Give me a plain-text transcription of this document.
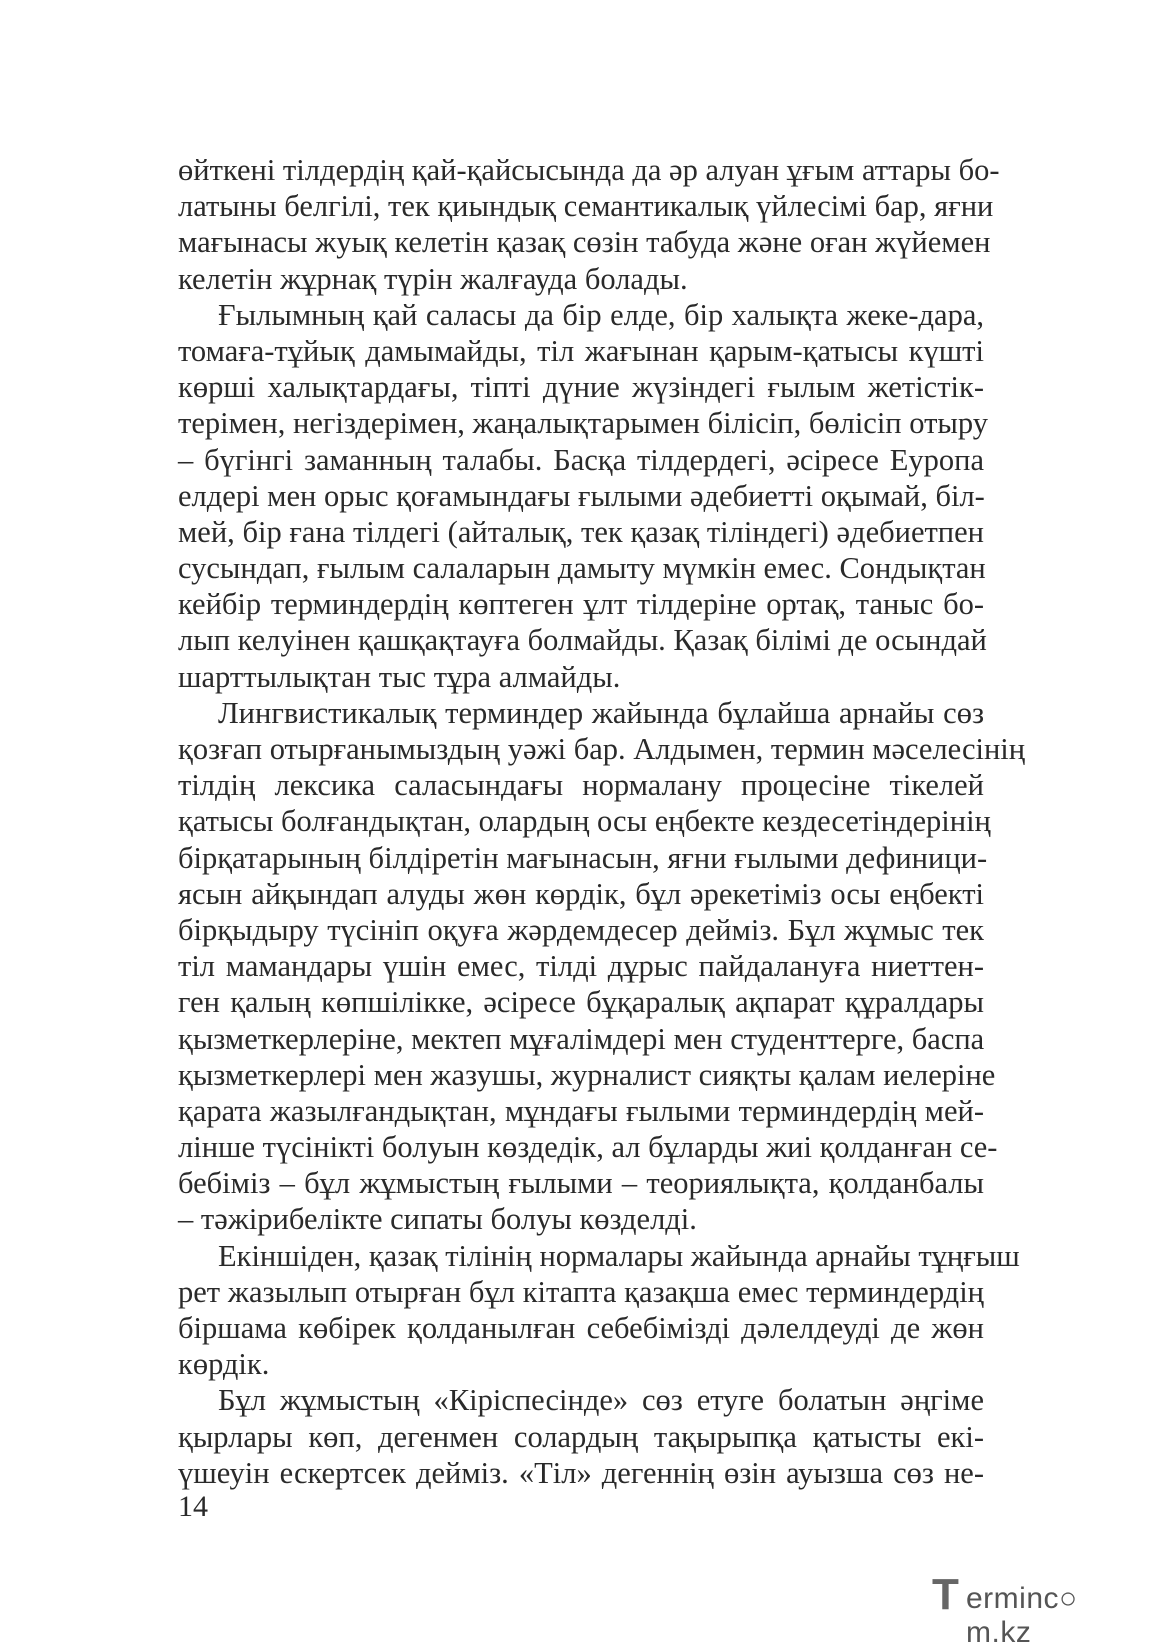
өйткені тілдердің қай-қайсысында да әр алуан ұғым аттары бо-
латыны белгілі, тек қиындық семантикалық үйлесімі бар, яғни
мағынасы жуық келетін қазақ сөзін табуда және оған жүйемен
келетін жұрнақ түрін жалғауда болады.
Ғылымның қай саласы да бір елде, бір халықта жеке-дара,
томаға-тұйық дамымайды, тіл жағынан қарым-қатысы күшті
көрші халықтардағы, тіпті дүние жүзіндегі ғылым жетістік-
терімен, негіздерімен, жаңалықтарымен біліcіп, бөлісіп отыру
– бүгінгі заманның талабы. Басқа тілдердегі, әсіресе Еуропа
елдері мен орыс қоғамындағы ғылыми әдебиетті оқымай, біл-
мей, бір ғана тілдегі (айталық, тек қазақ тіліндегі) әдебиетпен
сусындап, ғылым салаларын дамыту мүмкін емес. Сондықтан
кейбір терминдердің көптеген ұлт тілдеріне ортақ, таныс бо-
лып келуінен қашқақтауға болмайды. Қазақ білімі де осындай
шарттылықтан тыс тұра алмайды.
Лингвистикалық терминдер жайында бұлайша арнайы сөз
қозғап отырғанымыздың уәжі бар. Алдымен, термин мәселесінің
тілдің лексика саласындағы нормалану процесіне тікелей
қатысы болғандықтан, олардың осы еңбекте кездесетіндерінің
бірқатарының білдіретін мағынасын, яғни ғылыми дефиници-
ясын айқындап алуды жөн көрдік, бұл әрекетіміз осы еңбекті
бірқыдыру түсініп оқуға жәрдемдесер дейміз. Бұл жұмыс тек
тіл мамандары үшін емес, тілді дұрыс пайдалануға ниеттен-
ген қалың көпшілікке, әсіресе бұқаралық ақпарат құралдары
қызметкерлеріне, мектеп мұғалімдері мен студенттерге, баспа
қызметкерлері мен жазушы, журналист сияқты қалам иелеріне
қарата жазылғандықтан, мұндағы ғылыми терминдердің мей-
лінше түсінікті болуын көздедік, ал бұларды жиі қолданған се-
бебіміз – бұл жұмыстың ғылыми – теориялықта, қолданбалы
– тәжірибелікте сипаты болуы көзделді.
Екіншіден, қазақ тілінің нормалары жайында арнайы тұңғыш
рет жазылып отырған бұл кітапта қазақша емес терминдердің
біршама көбірек қолданылған себебімізді дәлелдеуді де жөн
көрдік.
Бұл жұмыстың «Кіріспесінде» сөз етуге болатын әңгіме
қырлары көп, дегенмен солардың тақырыпқа қатысты екі-
үшеуін ескертсек дейміз. «Тіл» дегеннің өзін ауызша сөз не-
14
T erminc○ m.kz
